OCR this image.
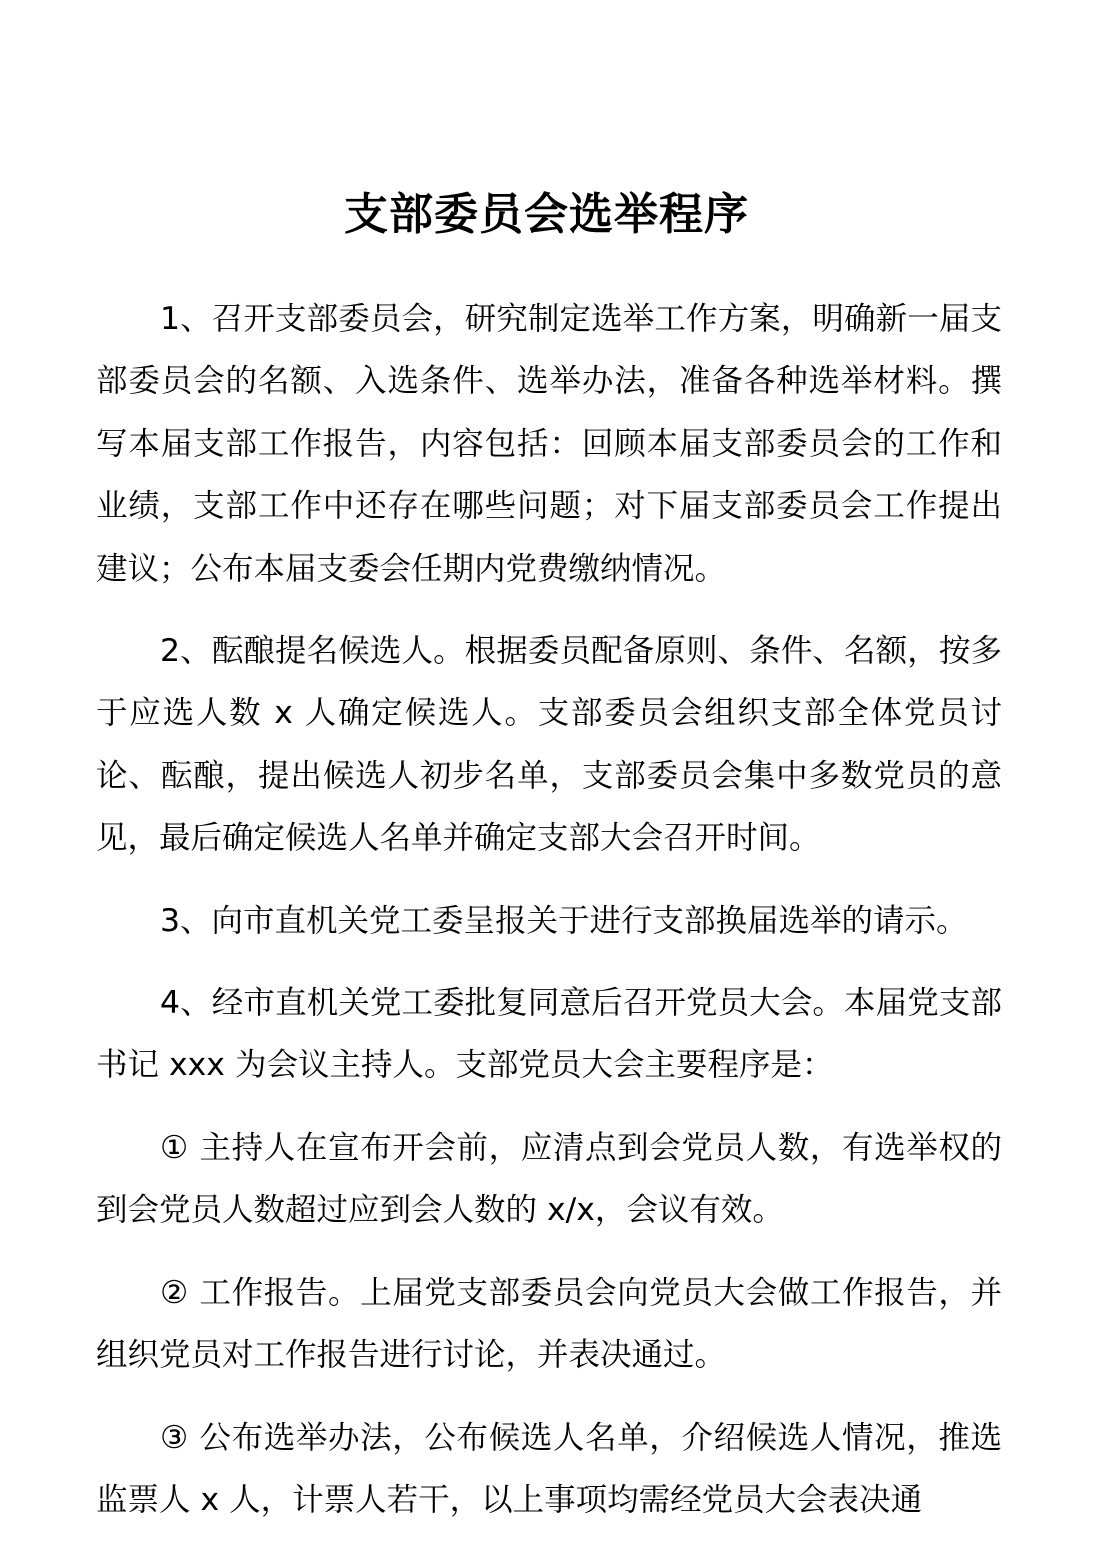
支部委员会选举程序

1、召开支部委员会，研究制定选举工作方案，明确新一届支部委员会的名额、入选条件、选举办法，准备各种选举材料。撰写本届支部工作报告，内容包括：回顾本届支部委员会的工作和业绩，支部工作中还存在哪些问题；对下届支部委员会工作提出建议；公布本届支委会任期内党费缴纳情况。

2、酝酿提名候选人。根据委员配备原则、条件、名额，按多于应选人数 x 人确定候选人。支部委员会组织支部全体党员讨论、酝酿，提出候选人初步名单，支部委员会集中多数党员的意见，最后确定候选人名单并确定支部大会召开时间。

3、向市直机关党工委呈报关于进行支部换届选举的请示。

4、经市直机关党工委批复同意后召开党员大会。本届党支部书记 xxx 为会议主持人。支部党员大会主要程序是：

① 主持人在宣布开会前，应清点到会党员人数，有选举权的到会党员人数超过应到会人数的 x/x，会议有效。

② 工作报告。上届党支部委员会向党员大会做工作报告，并组织党员对工作报告进行讨论，并表决通过。

③ 公布选举办法，公布候选人名单，介绍候选人情况，推选监票人 x 人，计票人若干，以上事项均需经党员大会表决通
